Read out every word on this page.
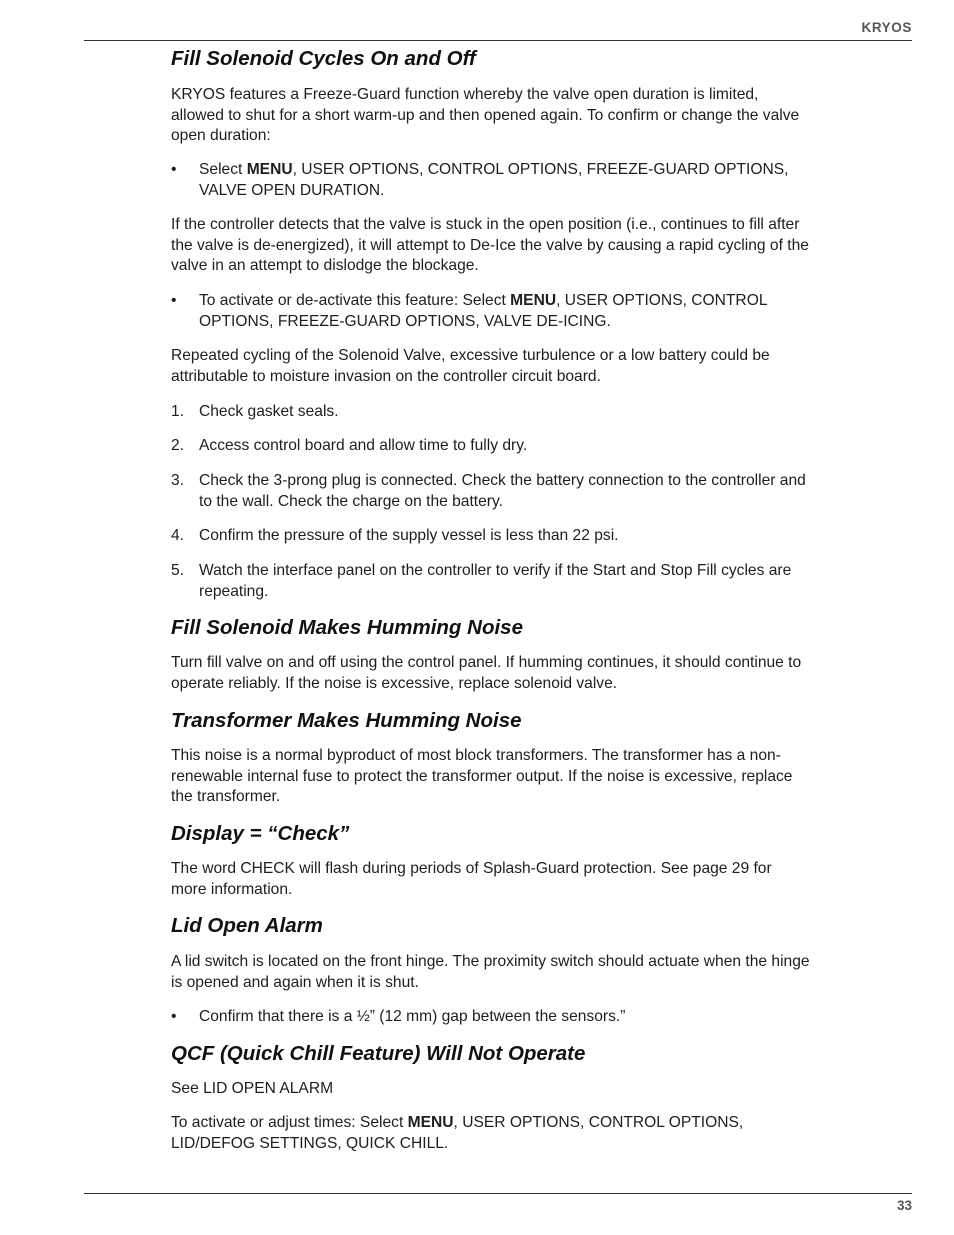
KRYOS
Fill Solenoid Cycles On and Off

KRYOS features a Freeze-Guard function whereby the valve open duration is limited, allowed to shut for a short warm-up and then opened again. To confirm or change the valve open duration:

• Select MENU, USER OPTIONS, CONTROL OPTIONS, FREEZE-GUARD OPTIONS, VALVE OPEN DURATION.

If the controller detects that the valve is stuck in the open position (i.e., continues to fill after the valve is de-energized), it will attempt to De-Ice the valve by causing a rapid cycling of the valve in an attempt to dislodge the blockage.

• To activate or de-activate this feature: Select MENU, USER OPTIONS, CONTROL OPTIONS, FREEZE-GUARD OPTIONS, VALVE DE-ICING.

Repeated cycling of the Solenoid Valve, excessive turbulence or a low battery could be attributable to moisture invasion on the controller circuit board.

1. Check gasket seals.
2. Access control board and allow time to fully dry.
3. Check the 3-prong plug is connected. Check the battery connection to the controller and to the wall. Check the charge on the battery.
4. Confirm the pressure of the supply vessel is less than 22 psi.
5. Watch the interface panel on the controller to verify if the Start and Stop Fill cycles are repeating.
Fill Solenoid Makes Humming Noise

Turn fill valve on and off using the control panel. If humming continues, it should continue to operate reliably. If the noise is excessive, replace solenoid valve.

Transformer Makes Humming Noise

This noise is a normal byproduct of most block transformers. The transformer has a non-renewable internal fuse to protect the transformer output. If the noise is excessive, replace the transformer.

Display = “Check”

The word CHECK will flash during periods of Splash-Guard protection. See page 29 for more information.

Lid Open Alarm

A lid switch is located on the front hinge. The proximity switch should actuate when the hinge is opened and again when it is shut.

• Confirm that there is a ½” (12 mm) gap between the sensors.”
QCF (Quick Chill Feature) Will Not Operate

See LID OPEN ALARM

To activate or adjust times: Select MENU, USER OPTIONS, CONTROL OPTIONS, LID/DEFOG SETTINGS, QUICK CHILL.

33
